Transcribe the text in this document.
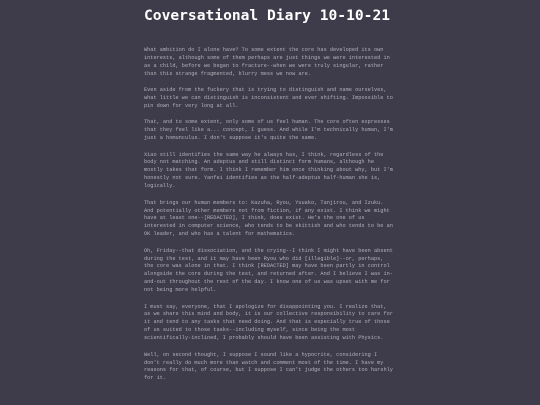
Coversational Diary 10-10-21

What ambition do I alone have? To some extent the core has developed its own interests, although some of them perhaps are just things we were interested in as a child, before we began to fracture--when we were truly singular, rather than this strange fragmented, blurry mess we now are.

Even aside from the fuckery that is trying to distinguish and name ourselves, what little we can distinguish is inconsistent and ever shifting. Impossible to pin down for very long at all.

That, and to some extent, only some of us feel human. The core often expresses that they feel like a... concept, I guess. And while I'm technically human, I'm just a homunculus. I don't suppose it's quite the same.

Xiao still identifies the same way he always has, I think, regardless of the body not matching. An adeptus and still distinct form humans, although he mostly takes that form. I think I remember him once thinking about why, but I'm honestly not sure. Yanfei identifies as the half-adeptus half-human she is, logically.

That brings our human members to: Kazuha, Ryou, Yuuako, Tanjirou, and Izuku. And potentially other members not from fiction, if any exist. I think we might have at least one--[REDACTED], I think, does exist. He's the one of us interested in computer science, who tends to be skittish and who tends to be an OK leader, and who has a talent for mathematics.

Oh, Friday--that dissociation, and the crying--I think I might have been absent during the test, and it may have been Ryou who did [illegible]--or, perhaps, the core was alone in that. I think [REDACTED] may have been partly in control alongside the core during the test, and returned after. And I believe I was in-and-out throughout the rest of the day. I know one of us was upset with me for not being more helpful.

I must say, everyone, that I apologize for disappointing you. I realize that, as we share this mind and body, it is our collective responsibility to care for it and tend to any tasks that need doing. And that is especially true of those of us suited to those tasks--including myself, since being the most scientifically-inclined, I probably should have been assisting with Physics.

Well, on second thought, I suppose I sound like a hypocrite, considering I don't really do much more than watch and comment most of the time. I have my reasons for that, of course, but I suppose I can't judge the others too harshly for it.
